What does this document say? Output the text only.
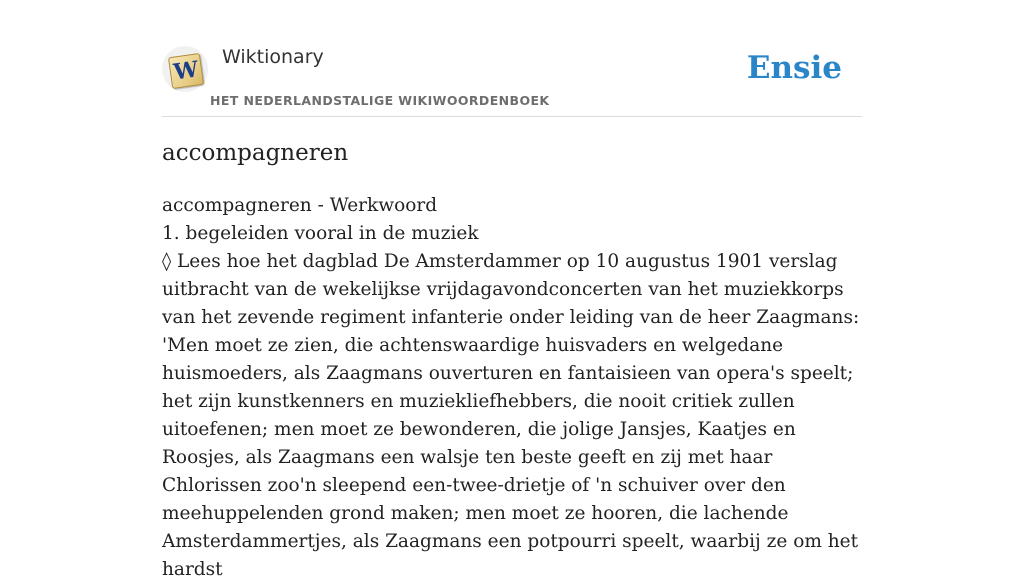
W Wiktionary
HET NEDERLANDSTALIGE WIKIWOORDENBOEK
Ensie
accompagneren

accompagneren - Werkwoord

1. begeleiden vooral in de muziek

◊ Lees hoe het dagblad De Amsterdammer op 10 augustus 1901 verslag uitbracht van de wekelijkse vrijdagavondconcerten van het muziekkorps van het zevende regiment infanterie onder leiding van de heer Zaagmans: 'Men moet ze zien, die achtenswaardige huisvaders en welgedane huismoeders, als Zaagmans ouverturen en fantaisieen van opera's speelt; het zijn kunstkenners en muziekliefhebbers, die nooit critiek zullen uitoefenen; men moet ze bewonderen, die jolige Jansjes, Kaatjes en Roosjes, als Zaagmans een walsje ten beste geeft en zij met haar Chlorissen zoo'n sleepend een-twee-drietje of 'n schuiver over den meehuppelenden grond maken; men moet ze hooren, die lachende Amsterdammertjes, als Zaagmans een potpourri speelt, waarbij ze om het hardst
